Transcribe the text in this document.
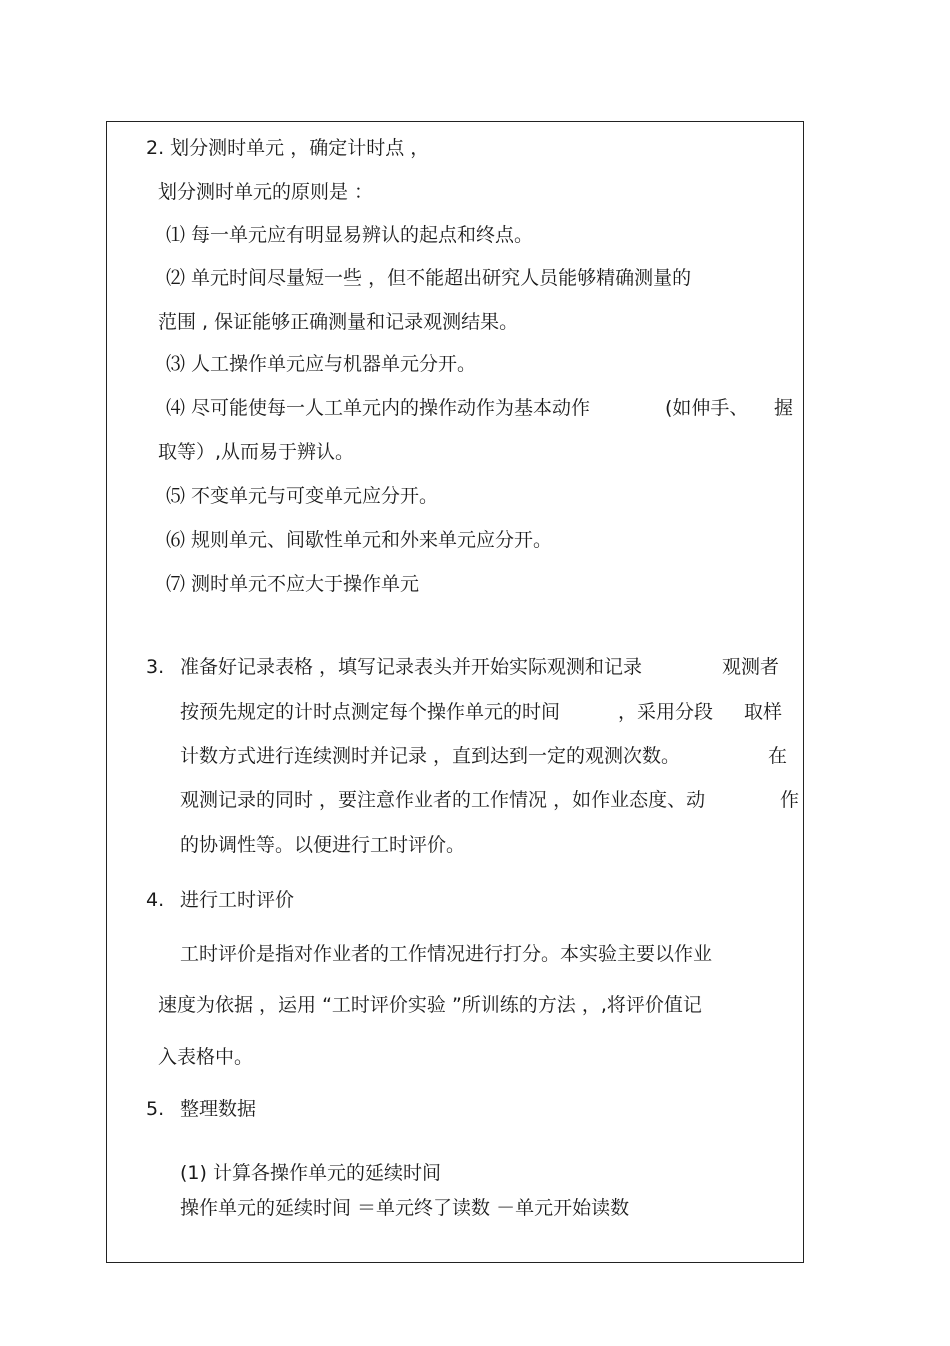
2. 划分测时单元 ，确定计时点 ，
划分测时单元的原则是 ：
⑴ 每一单元应有明显易辨认的起点和终点。
⑵ 单元时间尽量短一些 ，但不能超出研究人员能够精确测量的
范围 , 保证能够正确测量和记录观测结果。
⑶ 人工操作单元应与机器单元分开。
⑷ 尽可能使每一人工单元内的操作动作为基本动作	(如伸手、 握
取等）,从而易于辨认。
⑸ 不变单元与可变单元应分开。
⑹ 规则单元、间歇性单元和外来单元应分开。
⑺ 测时单元不应大于操作单元
3. 准备好记录表格 ，填写记录表头并开始实际观测和记录	观测者
按预先规定的计时点测定每个操作单元的时间	，采用分段 取样
计数方式进行连续测时并记录 ，直到达到一定的观测次数。	在
观测记录的同时 ，要注意作业者的工作情况 ，如作业态度、动	作
的协调性等。以便进行工时评价。
4. 进行工时评价
工时评价是指对作业者的工作情况进行打分。本实验主要以作业
速度为依据 ，运用 “工时评价实验 ”所训练的方法 ，,将评价值记
入表格中。
5. 整理数据
(1) 计算各操作单元的延续时间
操作单元的延续时间 ＝单元终了读数 －单元开始读数
